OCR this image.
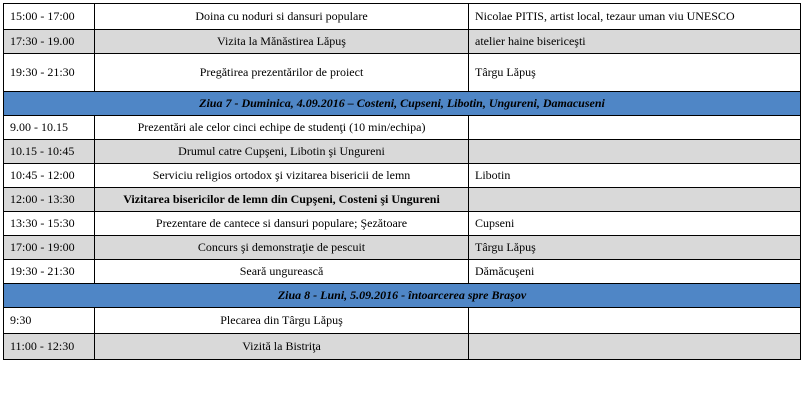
15:00 - 17:00	Doina cu noduri si dansuri populare	Nicolae PITIS, artist local, tezaur uman viu UNESCO
17:30 - 19.00	Vizita la Mănăstirea Lăpuş	atelier haine bisericeşti
19:30 - 21:30	Pregătirea prezentărilor de proiect	Târgu Lăpuş
Ziua 7 - Duminica, 4.09.2016 – Costeni, Cupseni, Libotin, Ungureni, Damacuseni		
9.00 - 10.15	Prezentări ale celor cinci echipe de studenţi (10 min/echipa)	
10.15 - 10:45	Drumul catre Cupşeni, Libotin şi Ungureni	
10:45 - 12:00	Serviciu religios ortodox şi vizitarea bisericii de lemn	Libotin
12:00 - 13:30	Vizitarea bisericilor de lemn din Cupşeni, Costeni şi Ungureni	
13:30 - 15:30	Prezentare de cantece si dansuri populare; Şezătoare	Cupseni
17:00 - 19:00	Concurs şi demonstraţie de pescuit	Târgu Lăpuş
19:30 - 21:30	Seară ungurească	Dămăcuşeni
Ziua 8 - Luni, 5.09.2016 - întoarcerea spre Braşov		
9:30	Plecarea din Târgu Lăpuş	
11:00 - 12:30	Vizită la Bistriţa	
